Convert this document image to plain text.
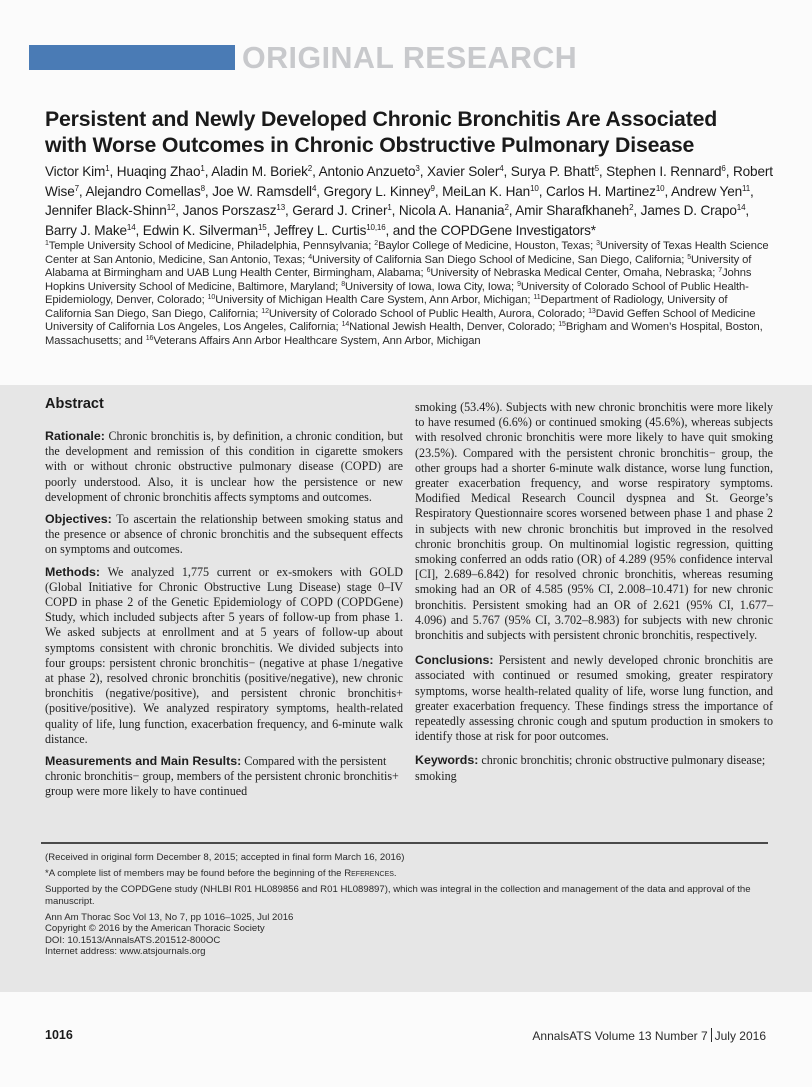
ORIGINAL RESEARCH
Persistent and Newly Developed Chronic Bronchitis Are Associated
with Worse Outcomes in Chronic Obstructive Pulmonary Disease
Victor Kim$^1$, Huaqing Zhao$^1$, Aladin M. Boriek$^2$, Antonio Anzueto$^3$, Xavier Soler$^4$, Surya P. Bhatt$^5$, Stephen I. Rennard$^6$, Robert Wise$^7$, Alejandro Comellas$^8$, Joe W. Ramsdell$^4$, Gregory L. Kinney$^9$, MeiLan K. Han$^{10}$, Carlos H. Martinez$^{10}$, Andrew Yen$^{11}$, Jennifer Black-Shinn$^{12}$, Janos Porszasz$^{13}$, Gerard J. Criner$^1$, Nicola A. Hanania$^2$, Amir Sharafkhaneh$^2$, James D. Crapo$^{14}$, Barry J. Make$^{14}$, Edwin K. Silverman$^{15}$, Jeffrey L. Curtis$^{10,16}$, and the COPDGene Investigators*
$^1$Temple University School of Medicine, Philadelphia, Pennsylvania; $^2$Baylor College of Medicine, Houston, Texas; $^3$University of Texas Health Science Center at San Antonio, Medicine, San Antonio, Texas; $^4$University of California San Diego School of Medicine, San Diego, California; $^5$University of Alabama at Birmingham and UAB Lung Health Center, Birmingham, Alabama; $^6$University of Nebraska Medical Center, Omaha, Nebraska; $^7$Johns Hopkins University School of Medicine, Baltimore, Maryland; $^8$University of Iowa, Iowa City, Iowa; $^9$University of Colorado School of Public Health-Epidemiology, Denver, Colorado; $^{10}$University of Michigan Health Care System, Ann Arbor, Michigan; $^{11}$Department of Radiology, University of California San Diego, San Diego, California; $^{12}$University of Colorado School of Public Health, Aurora, Colorado; $^{13}$David Geffen School of Medicine University of California Los Angeles, Los Angeles, California; $^{14}$National Jewish Health, Denver, Colorado; $^{15}$Brigham and Women’s Hospital, Boston, Massachusetts; and $^{16}$Veterans Affairs Ann Arbor Healthcare System, Ann Arbor, Michigan
Abstract

Rationale: Chronic bronchitis is, by definition, a chronic condition, but the development and remission of this condition in cigarette smokers with or without chronic obstructive pulmonary disease (COPD) are poorly understood. Also, it is unclear how the persistence or new development of chronic bronchitis affects symptoms and outcomes.

Objectives: To ascertain the relationship between smoking status and the presence or absence of chronic bronchitis and the subsequent effects on symptoms and outcomes.

Methods: We analyzed 1,775 current or ex-smokers with GOLD (Global Initiative for Chronic Obstructive Lung Disease) stage 0–IV COPD in phase 2 of the Genetic Epidemiology of COPD (COPDGene) Study, which included subjects after 5 years of follow-up from phase 1. We asked subjects at enrollment and at 5 years of follow-up about symptoms consistent with chronic bronchitis. We divided subjects into four groups: persistent chronic bronchitis− (negative at phase 1/negative at phase 2), resolved chronic bronchitis (positive/negative), new chronic bronchitis (negative/positive), and persistent chronic bronchitis+ (positive/positive). We analyzed respiratory symptoms, health-related quality of life, lung function, exacerbation frequency, and 6-minute walk distance.

Measurements and Main Results: Compared with the persistent chronic bronchitis− group, members of the persistent chronic bronchitis+ group were more likely to have continued

smoking (53.4%). Subjects with new chronic bronchitis were more likely to have resumed (6.6%) or continued smoking (45.6%), whereas subjects with resolved chronic bronchitis were more likely to have quit smoking (23.5%). Compared with the persistent chronic bronchitis− group, the other groups had a shorter 6-minute walk distance, worse lung function, greater exacerbation frequency, and worse respiratory symptoms. Modified Medical Research Council dyspnea and St. George’s Respiratory Questionnaire scores worsened between phase 1 and phase 2 in subjects with new chronic bronchitis but improved in the resolved chronic bronchitis group. On multinomial logistic regression, quitting smoking conferred an odds ratio (OR) of 4.289 (95% confidence interval [CI], 2.689–6.842) for resolved chronic bronchitis, whereas resuming smoking had an OR of 4.585 (95% CI, 2.008–10.471) for new chronic bronchitis. Persistent smoking had an OR of 2.621 (95% CI, 1.677–4.096) and 5.767 (95% CI, 3.702–8.983) for subjects with new chronic bronchitis and subjects with persistent chronic bronchitis, respectively.

Conclusions: Persistent and newly developed chronic bronchitis are associated with continued or resumed smoking, greater respiratory symptoms, worse health-related quality of life, worse lung function, and greater exacerbation frequency. These findings stress the importance of repeatedly assessing chronic cough and sputum production in smokers to identify those at risk for poor outcomes.

Keywords: chronic bronchitis; chronic obstructive pulmonary disease; smoking

(Received in original form December 8, 2015; accepted in final form March 16, 2016)

*A complete list of members may be found before the beginning of the References.

Supported by the COPDGene study (NHLBI R01 HL089856 and R01 HL089897), which was integral in the collection and management of the data and approval of the manuscript.

Ann Am Thorac Soc Vol 13, No 7, pp 1016–1025, Jul 2016
Copyright © 2016 by the American Thoracic Society
DOI: 10.1513/AnnalsATS.201512-800OC
Internet address: www.atsjournals.org
1016	AnnalsATS Volume 13 Number 7 July 2016
